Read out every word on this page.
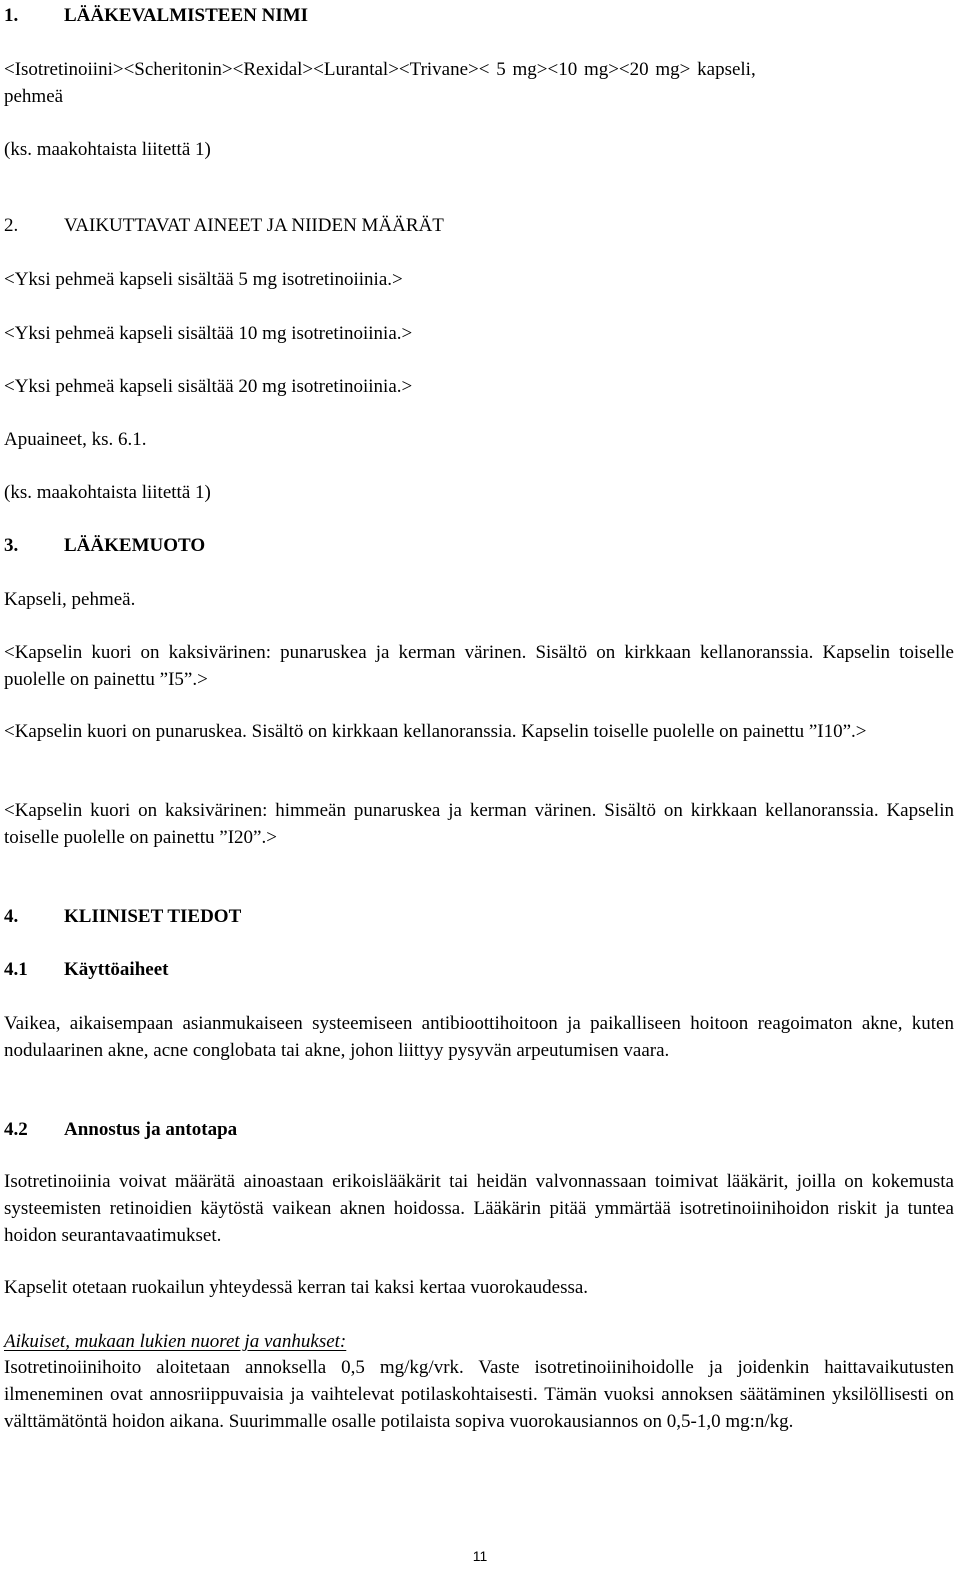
1.	LÄÄKEVALMISTEEN NIMI

<Isotretinoiini><Scheritonin><Rexidal><Lurantal><Trivane>< 5 mg><10 mg><20 mg> kapseli,

pehmeä

(ks. maakohtaista liitettä 1)

2.	VAIKUTTAVAT AINEET JA NIIDEN MÄÄRÄT

<Yksi pehmeä kapseli sisältää 5 mg isotretinoiinia.>

<Yksi pehmeä kapseli sisältää 10 mg isotretinoiinia.>

<Yksi pehmeä kapseli sisältää 20 mg isotretinoiinia.>

Apuaineet, ks. 6.1.

(ks. maakohtaista liitettä 1)

3.	LÄÄKEMUOTO

Kapseli, pehmeä.

<Kapselin kuori on kaksivärinen: punaruskea ja kerman värinen. Sisältö on kirkkaan kellanoranssia. Kapselin toiselle puolelle on painettu ”I5”.>

<Kapselin kuori on punaruskea. Sisältö on kirkkaan kellanoranssia. Kapselin toiselle puolelle on painettu ”I10”.>

<Kapselin kuori on kaksivärinen: himmeän punaruskea ja kerman värinen. Sisältö on kirkkaan kellanoranssia. Kapselin toiselle puolelle on painettu ”I20”.>

4.	KLIINISET TIEDOT
4.1	Käyttöaiheet

Vaikea, aikaisempaan asianmukaiseen systeemiseen antibioottihoitoon ja paikalliseen hoitoon reagoimaton akne, kuten nodulaarinen akne, acne conglobata tai akne, johon liittyy pysyvän arpeutumisen vaara.

4.2	Annostus ja antotapa

Isotretinoiinia voivat määrätä ainoastaan erikoislääkärit tai heidän valvonnassaan toimivat lääkärit, joilla on kokemusta systeemisten retinoidien käytöstä vaikean aknen hoidossa. Lääkärin pitää ymmärtää isotretinoiinihoidon riskit ja tuntea hoidon seurantavaatimukset.

Kapselit otetaan ruokailun yhteydessä kerran tai kaksi kertaa vuorokaudessa.

Aikuiset, mukaan lukien nuoret ja vanhukset:

Isotretinoiinihoito aloitetaan annoksella 0,5 mg/kg/vrk. Vaste isotretinoiinihoidolle ja joidenkin haittavaikutusten ilmeneminen ovat annosriippuvaisia ja vaihtelevat potilaskohtaisesti. Tämän vuoksi annoksen säätäminen yksilöllisesti on välttämätöntä hoidon aikana. Suurimmalle osalle potilaista sopiva vuorokausiannos on 0,5-1,0 mg:n/kg.

11
